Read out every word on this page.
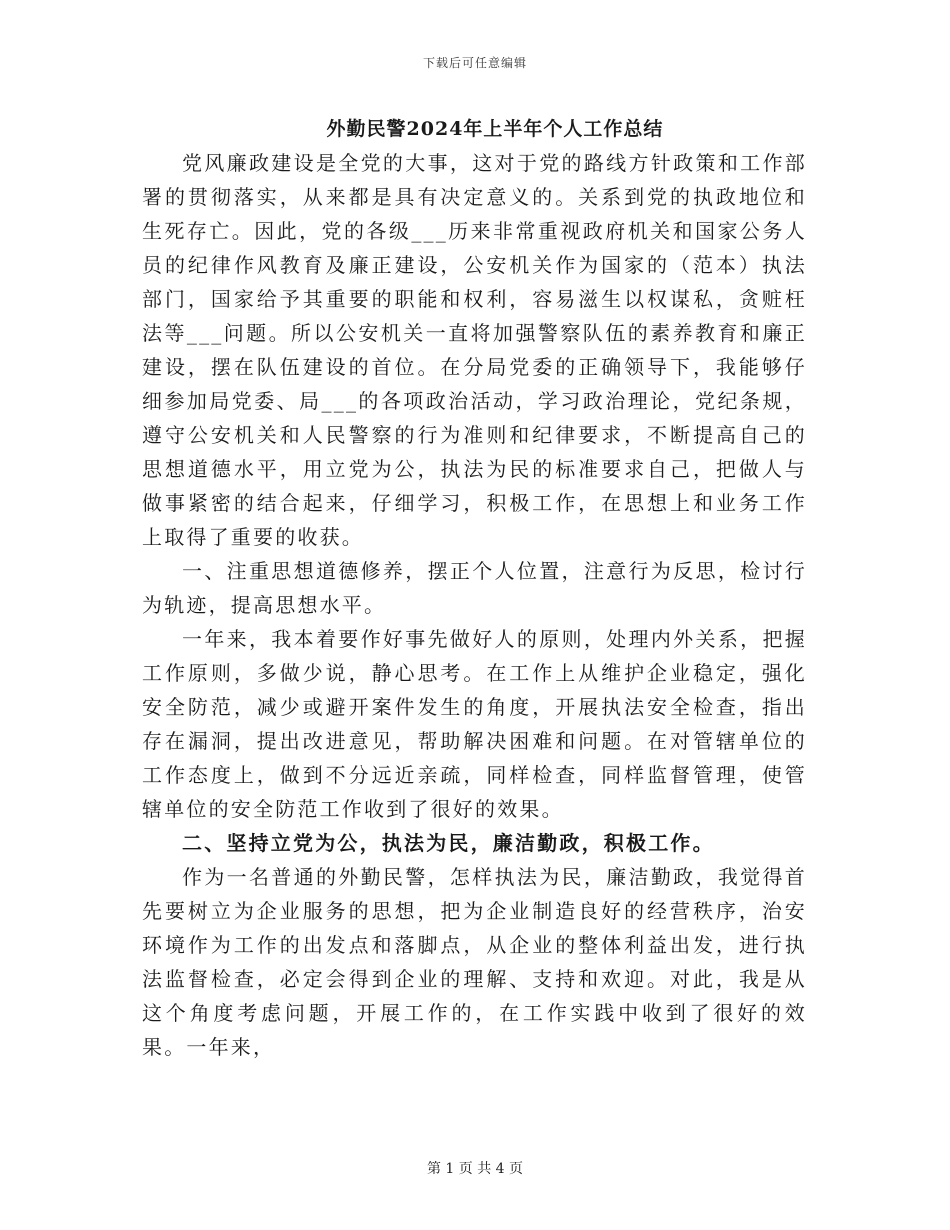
下载后可任意编辑
外勤民警2024年上半年个人工作总结

党风廉政建设是全党的大事，这对于党的路线方针政策和工作部署的贯彻落实，从来都是具有决定意义的。关系到党的执政地位和生死存亡。因此，党的各级___历来非常重视政府机关和国家公务人员的纪律作风教育及廉正建设，公安机关作为国家的（范本）执法部门，国家给予其重要的职能和权利，容易滋生以权谋私，贪赃枉法等___问题。所以公安机关一直将加强警察队伍的素养教育和廉正建设，摆在队伍建设的首位。在分局党委的正确领导下，我能够仔细参加局党委、局___的各项政治活动，学习政治理论，党纪条规，遵守公安机关和人民警察的行为准则和纪律要求，不断提高自己的思想道德水平，用立党为公，执法为民的标准要求自己，把做人与做事紧密的结合起来，仔细学习，积极工作，在思想上和业务工作上取得了重要的收获。

一、注重思想道德修养，摆正个人位置，注意行为反思，检讨行为轨迹，提高思想水平。

一年来，我本着要作好事先做好人的原则，处理内外关系，把握工作原则，多做少说，静心思考。在工作上从维护企业稳定，强化安全防范，减少或避开案件发生的角度，开展执法安全检查，指出存在漏洞，提出改进意见，帮助解决困难和问题。在对管辖单位的工作态度上，做到不分远近亲疏，同样检查，同样监督管理，使管辖单位的安全防范工作收到了很好的效果。

二、坚持立党为公，执法为民，廉洁勤政，积极工作。

作为一名普通的外勤民警，怎样执法为民，廉洁勤政，我觉得首先要树立为企业服务的思想，把为企业制造良好的经营秩序，治安环境作为工作的出发点和落脚点，从企业的整体利益出发，进行执法监督检查，必定会得到企业的理解、支持和欢迎。对此，我是从这个角度考虑问题，开展工作的，在工作实践中收到了很好的效果。一年来，

第 1 页 共 4 页
